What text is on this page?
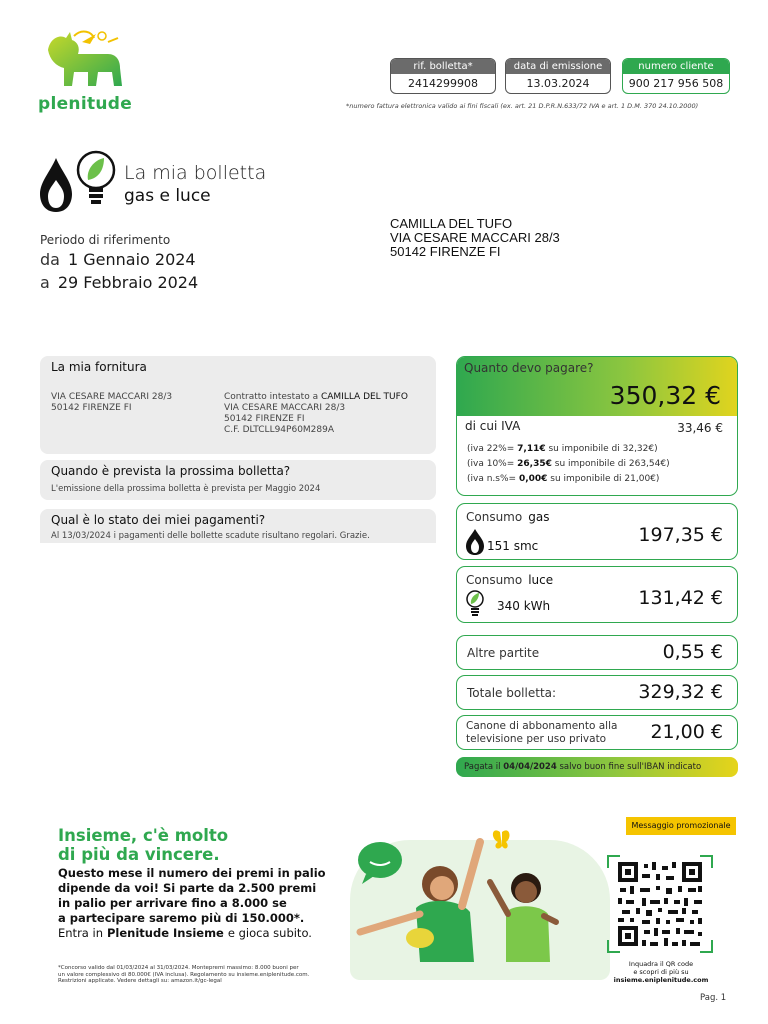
plenitude
rif. bolletta*
2414299908
data di emissione
13.03.2024
numero cliente
900 217 956 508
*numero fattura elettronica valido ai fini fiscali (ex. art. 21 D.P.R.N.633/72 IVA e art. 1 D.M. 370 24.10.2000)
La mia bolletta
gas e luce
Periodo di riferimento
da 1 Gennaio 2024
a 29 Febbraio 2024
CAMILLA DEL TUFO
VIA CESARE MACCARI 28/3
50142 FIRENZE FI
La mia fornitura
VIA CESARE MACCARI 28/3
50142 FIRENZE FI
Contratto intestato a CAMILLA DEL TUFO
VIA CESARE MACCARI 28/3
50142 FIRENZE FI
C.F. DLTCLL94P60M289A
Quando è prevista la prossima bolletta?
L'emissione della prossima bolletta è prevista per Maggio 2024
Qual è lo stato dei miei pagamenti?
Al 13/03/2024 i pagamenti delle bollette scadute risultano regolari. Grazie.
Quanto devo pagare?
350,32 €
di cui IVA	33,46 €
(iva 22%= 7,11€ su imponibile di 32,32€)
(iva 10%= 26,35€ su imponibile di 263,54€)
(iva n.s%= 0,00€ su imponibile di 21,00€)
Consumo gas
151 smc	197,35 €
Consumo luce
340 kWh	131,42 €
Altre partite	0,55 €
Totale bolletta:	329,32 €
Canone di abbonamento alla
televisione per uso privato	21,00 €
Pagata il 04/04/2024 salvo buon fine sull'IBAN indicato
Insieme, c'è molto
di più da vincere.
Questo mese il numero dei premi in palio
dipende da voi! Si parte da 2.500 premi
in palio per arrivare fino a 8.000 se
a partecipare saremo più di 150.000*.
Entra in Plenitude Insieme e gioca subito.
*Concorso valido dal 01/03/2024 al 31/03/2024. Montepremi massimo: 8.000 buoni per
un valore complessivo di 80.000€ (IVA inclusa). Regolamento su insieme.eniplenitude.com.
Restrizioni applicate. Vedere dettagli su: amazon.it/gc-legal
Messaggio promozionale
Inquadra il QR code
e scopri di più su
insieme.eniplenitude.com
Pag. 1
